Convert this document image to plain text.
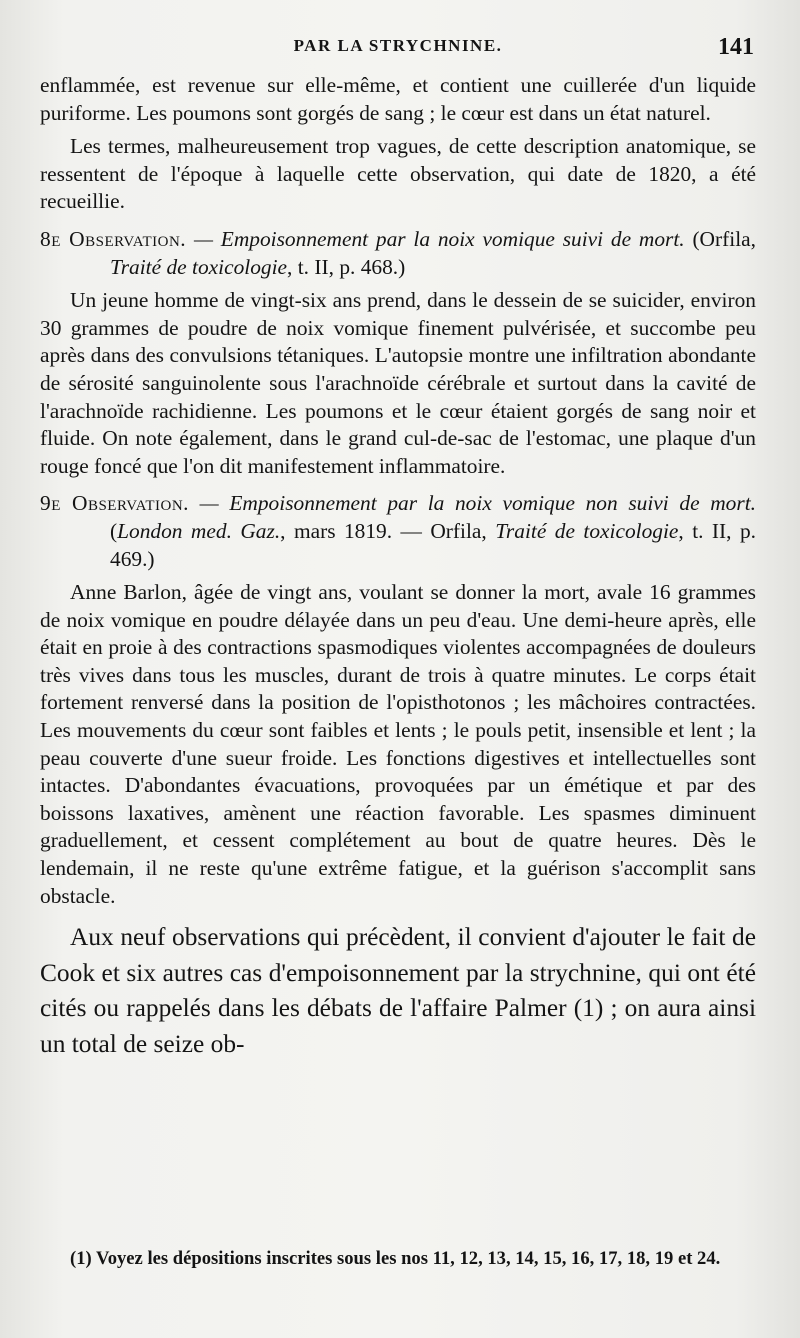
PAR LA STRYCHNINE.	141

enflammée, est revenue sur elle-même, et contient une cuillerée d'un liquide puriforme. Les poumons sont gorgés de sang ; le cœur est dans un état naturel.

Les termes, malheureusement trop vagues, de cette description anatomique, se ressentent de l'époque à laquelle cette observation, qui date de 1820, a été recueillie.

8e Observation. — Empoisonnement par la noix vomique suivi de mort. (Orfila, Traité de toxicologie, t. II, p. 468.)

Un jeune homme de vingt-six ans prend, dans le dessein de se suicider, environ 30 grammes de poudre de noix vomique finement pulvérisée, et succombe peu après dans des convulsions tétaniques. L'autopsie montre une infiltration abondante de sérosité sanguinolente sous l'arachnoïde cérébrale et surtout dans la cavité de l'arachnoïde rachidienne. Les poumons et le cœur étaient gorgés de sang noir et fluide. On note également, dans le grand cul-de-sac de l'estomac, une plaque d'un rouge foncé que l'on dit manifestement inflammatoire.

9e Observation. — Empoisonnement par la noix vomique non suivi de mort. (London med. Gaz., mars 1819. — Orfila, Traité de toxicologie, t. II, p. 469.)

Anne Barlon, âgée de vingt ans, voulant se donner la mort, avale 16 grammes de noix vomique en poudre délayée dans un peu d'eau. Une demi-heure après, elle était en proie à des contractions spasmodiques violentes accompagnées de douleurs très vives dans tous les muscles, durant de trois à quatre minutes. Le corps était fortement renversé dans la position de l'opisthotonos ; les mâchoires contractées. Les mouvements du cœur sont faibles et lents ; le pouls petit, insensible et lent ; la peau couverte d'une sueur froide. Les fonctions digestives et intellectuelles sont intactes. D'abondantes évacuations, provoquées par un émétique et par des boissons laxatives, amènent une réaction favorable. Les spasmes diminuent graduellement, et cessent complétement au bout de quatre heures. Dès le lendemain, il ne reste qu'une extrême fatigue, et la guérison s'accomplit sans obstacle.

Aux neuf observations qui précèdent, il convient d'ajouter le fait de Cook et six autres cas d'empoisonnement par la strychnine, qui ont été cités ou rappelés dans les débats de l'affaire Palmer (1) ; on aura ainsi un total de seize ob-

(1) Voyez les dépositions inscrites sous les nos 11, 12, 13, 14, 15, 16, 17, 18, 19 et 24.
